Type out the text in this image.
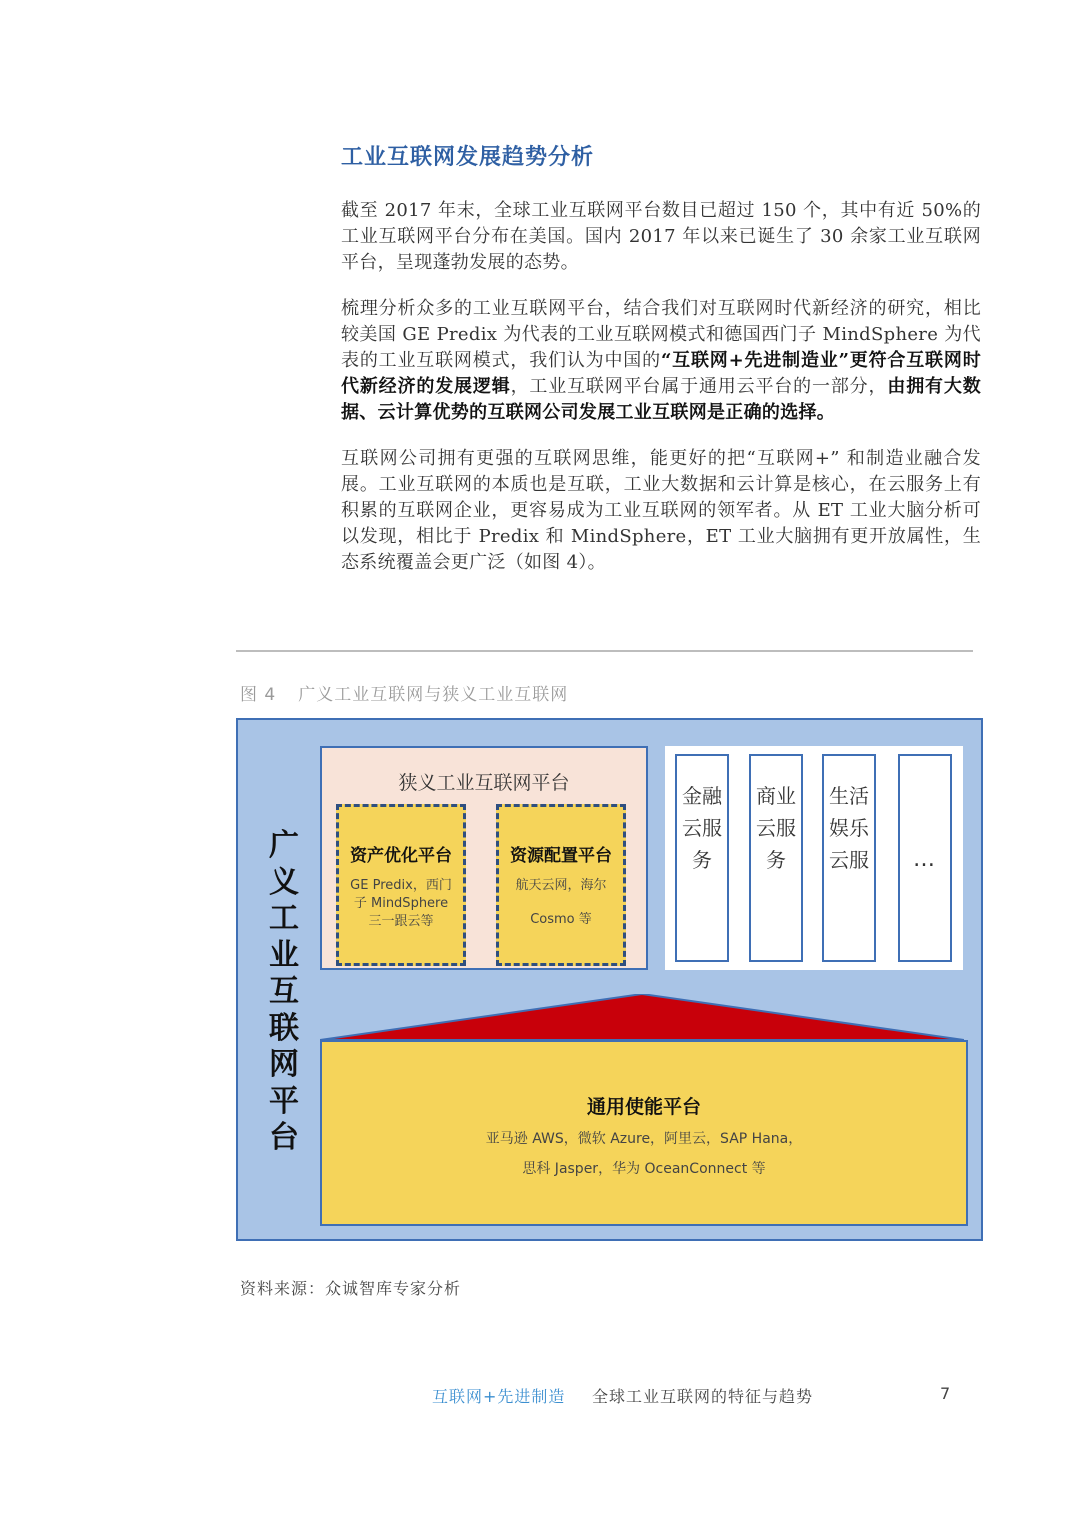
工业互联网发展趋势分析

截至 2017 年末，全球工业互联网平台数目已超过 150 个，其中有近 50%的工业互联网平台分布在美国。国内 2017 年以来已诞生了 30 余家工业互联网平台，呈现蓬勃发展的态势。

梳理分析众多的工业互联网平台，结合我们对互联网时代新经济的研究，相比较美国 GE Predix 为代表的工业互联网模式和德国西门子 MindSphere 为代表的工业互联网模式，我们认为中国的“互联网+先进制造业”更符合互联网时代新经济的发展逻辑，工业互联网平台属于通用云平台的一部分，由拥有大数据、云计算优势的互联网公司发展工业互联网是正确的选择。

互联网公司拥有更强的互联网思维，能更好的把“互联网+” 和制造业融合发展。工业互联网的本质也是互联，工业大数据和云计算是核心，在云服务上有积累的互联网企业，更容易成为工业互联网的领军者。从 ET 工业大脑分析可以发现，相比于 Predix 和 MindSphere，ET 工业大脑拥有更开放属性，生态系统覆盖会更广泛（如图 4）。

图 4 广义工业互联网与狭义工业互联网

广义工业互联网平台
狭义工业互联网平台
资产优化平台
GE Predix，西门
子 MindSphere
三一跟云等
资源配置平台
航天云网，海尔
Cosmo 等
金融云服务
商业云服务
生活娱乐云服	…
通用使能平台
亚马逊 AWS，微软 Azure，阿里云，SAP Hana，
思科 Jasper，华为 OceanConnect 等

资料来源：众诚智库专家分析

互联网+先进制造 全球工业互联网的特征与趋势	7
